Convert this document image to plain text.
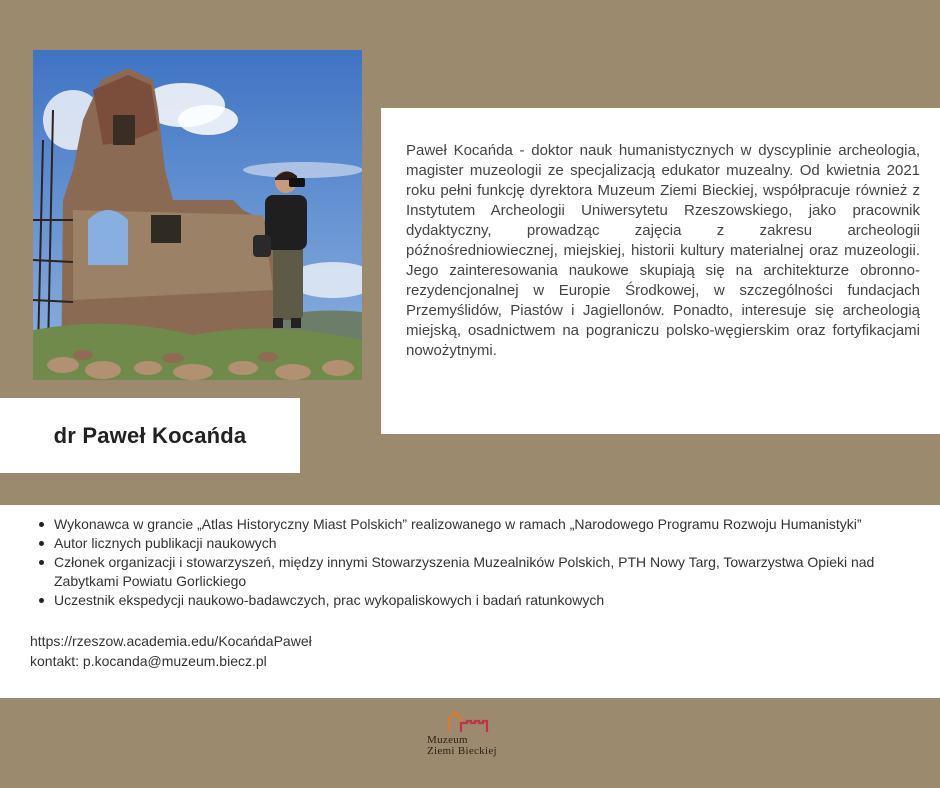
dr Paweł Kocańda

Paweł Kocańda - doktor nauk humanistycznych w dyscyplinie archeologia, magister muzeologii ze specjalizacją edukator muzealny. Od kwietnia 2021 roku pełni funkcję dyrektora Muzeum Ziemi Bieckiej, współpracuje również z Instytutem Archeologii Uniwersytetu Rzeszowskiego, jako pracownik dydaktyczny, prowadząc zajęcia z zakresu archeologii późnośredniowiecznej, miejskiej, historii kultury materialnej oraz muzeologii. Jego zainteresowania naukowe skupiają się na architekturze obronno-rezydencjonalnej w Europie Środkowej, w szczególności fundacjach Przemyślidów, Piastów i Jagiellonów. Ponadto, interesuje się archeologią miejską, osadnictwem na pograniczu polsko-węgierskim oraz fortyfikacjami nowożytnymi.

Wykonawca w grancie „Atlas Historyczny Miast Polskich” realizowanego w ramach „Narodowego Programu Rozwoju Humanistyki”
Autor licznych publikacji naukowych
Członek organizacji i stowarzyszeń, między innymi Stowarzyszenia Muzealników Polskich, PTH Nowy Targ, Towarzystwa Opieki nad Zabytkami Powiatu Gorlickiego
Uczestnik ekspedycji naukowo-badawczych, prac wykopaliskowych i badań ratunkowych
https://rzeszow.academia.edu/KocańdaPaweł
kontakt: p.kocanda@muzeum.biecz.pl
Muzeum
Ziemi Bieckiej
